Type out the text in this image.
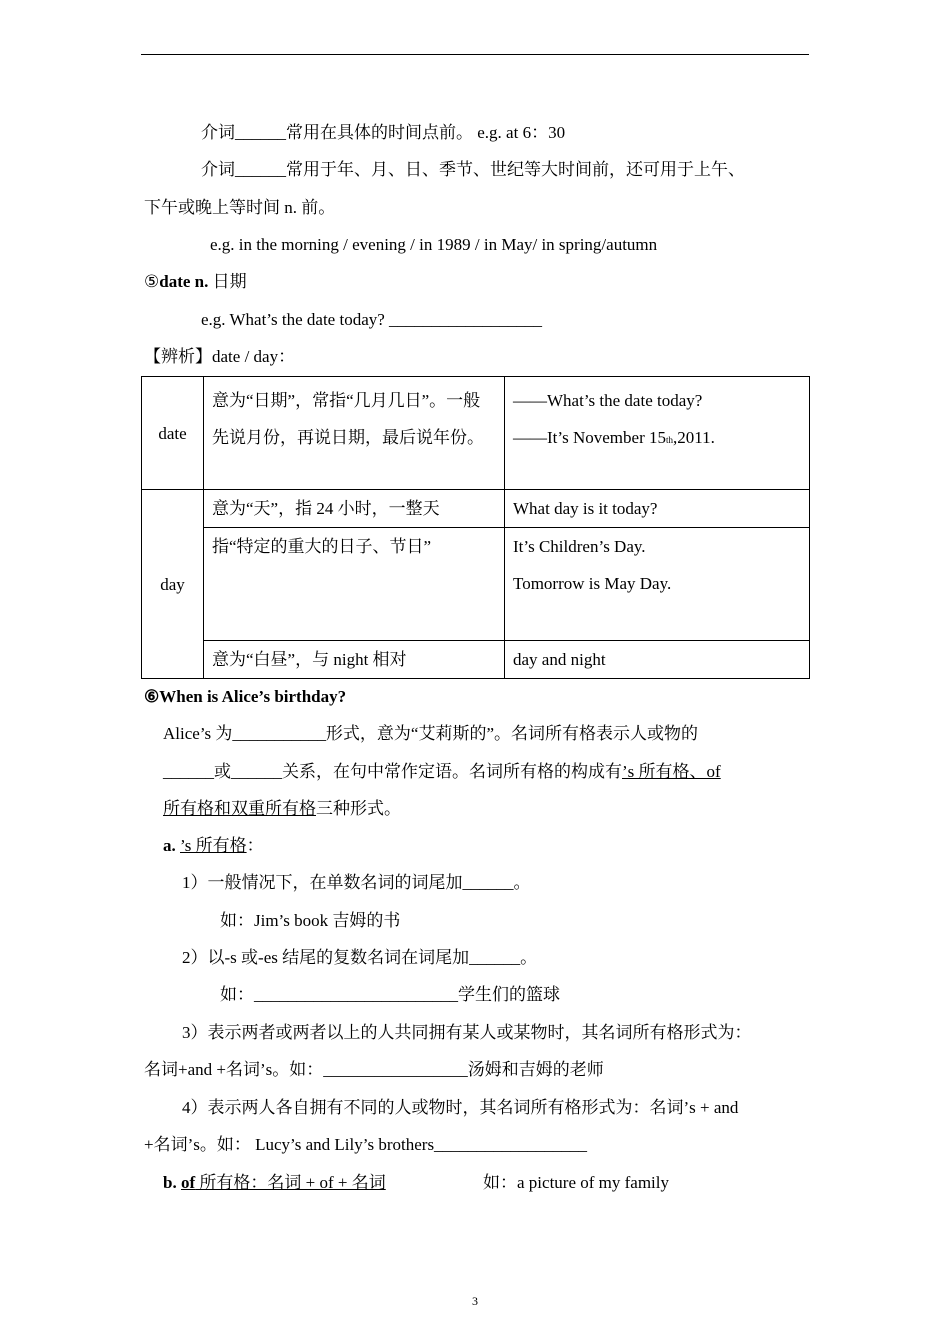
介词______常用在具体的时间点前。 e.g. at 6：30
介词______常用于年、月、日、季节、世纪等大时间前，还可用于上午、
下午或晚上等时间 n. 前。
e.g. in the morning / evening / in 1989 / in May/ in spring/autumn
⑤date n. 日期
e.g. What’s the date today? __________________
【辨析】date / day：
date	意为“日期”，常指“几月几日”。一般先说月份，再说日期，最后说年份。	——What’s the date today?
——It’s November 15th,2011.

day	意为“天”，指 24 小时，一整天	What day is it today?
	指“特定的重大的日子、节日”	It’s Children’s Day.
Tomorrow is May Day.

	意为“白昼”，与 night 相对	day and night
⑥When is Alice’s birthday?
Alice’s 为___________形式，意为“艾莉斯的”。名词所有格表示人或物的
______或______关系，在句中常作定语。名词所有格的构成有’s 所有格、of
所有格和双重所有格三种形式。
a. ’s 所有格：
1）一般情况下，在单数名词的词尾加______。
如：Jim’s book 吉姆的书
2）以-s 或-es 结尾的复数名词在词尾加______。
如：________________________学生们的篮球
3）表示两者或两者以上的人共同拥有某人或某物时，其名词所有格形式为：
名词+and +名词’s。如：_________________汤姆和吉姆的老师
4）表示两人各自拥有不同的人或物时，其名词所有格形式为：名词’s + and
+名词’s。如： Lucy’s and Lily’s brothers__________________
b. of 所有格：名词 + of + 名词	如：a picture of my family
3
